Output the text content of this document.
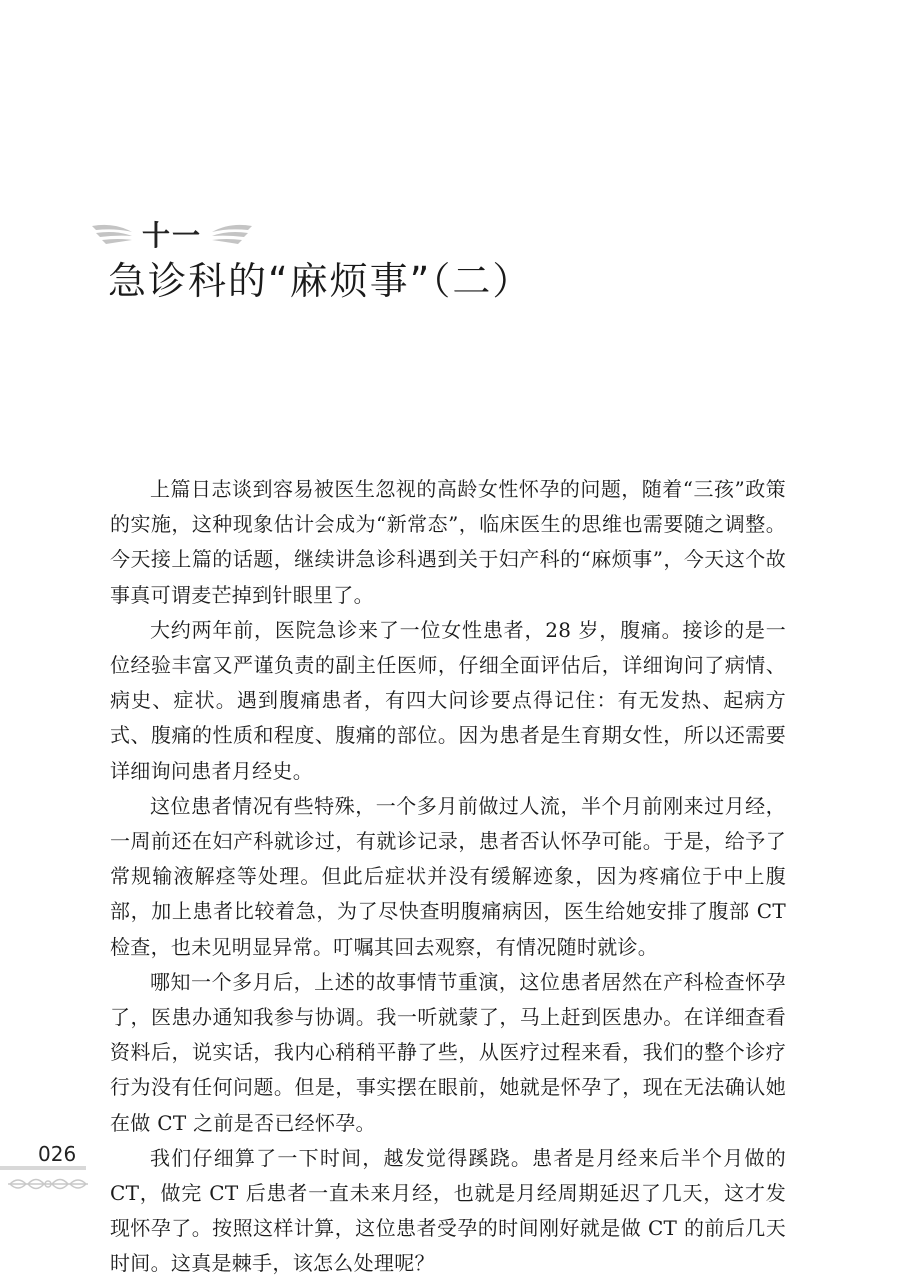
十一
急诊科的“麻烦事”（二）

上篇日志谈到容易被医生忽视的高龄女性怀孕的问题，随着“三孩”政策的实施，这种现象估计会成为“新常态”，临床医生的思维也需要随之调整。今天接上篇的话题，继续讲急诊科遇到关于妇产科的“麻烦事”，今天这个故事真可谓麦芒掉到针眼里了。

大约两年前，医院急诊来了一位女性患者，28 岁，腹痛。接诊的是一位经验丰富又严谨负责的副主任医师，仔细全面评估后，详细询问了病情、病史、症状。遇到腹痛患者，有四大问诊要点得记住：有无发热、起病方式、腹痛的性质和程度、腹痛的部位。因为患者是生育期女性，所以还需要详细询问患者月经史。

这位患者情况有些特殊，一个多月前做过人流，半个月前刚来过月经，一周前还在妇产科就诊过，有就诊记录，患者否认怀孕可能。于是，给予了常规输液解痉等处理。但此后症状并没有缓解迹象，因为疼痛位于中上腹部，加上患者比较着急，为了尽快查明腹痛病因，医生给她安排了腹部 CT 检查，也未见明显异常。叮嘱其回去观察，有情况随时就诊。

哪知一个多月后，上述的故事情节重演，这位患者居然在产科检查怀孕了，医患办通知我参与协调。我一听就蒙了，马上赶到医患办。在详细查看资料后，说实话，我内心稍稍平静了些，从医疗过程来看，我们的整个诊疗行为没有任何问题。但是，事实摆在眼前，她就是怀孕了，现在无法确认她在做 CT 之前是否已经怀孕。

我们仔细算了一下时间，越发觉得蹊跷。患者是月经来后半个月做的 CT，做完 CT 后患者一直未来月经，也就是月经周期延迟了几天，这才发现怀孕了。按照这样计算，这位患者受孕的时间刚好就是做 CT 的前后几天时间。这真是棘手，该怎么处理呢？

026
